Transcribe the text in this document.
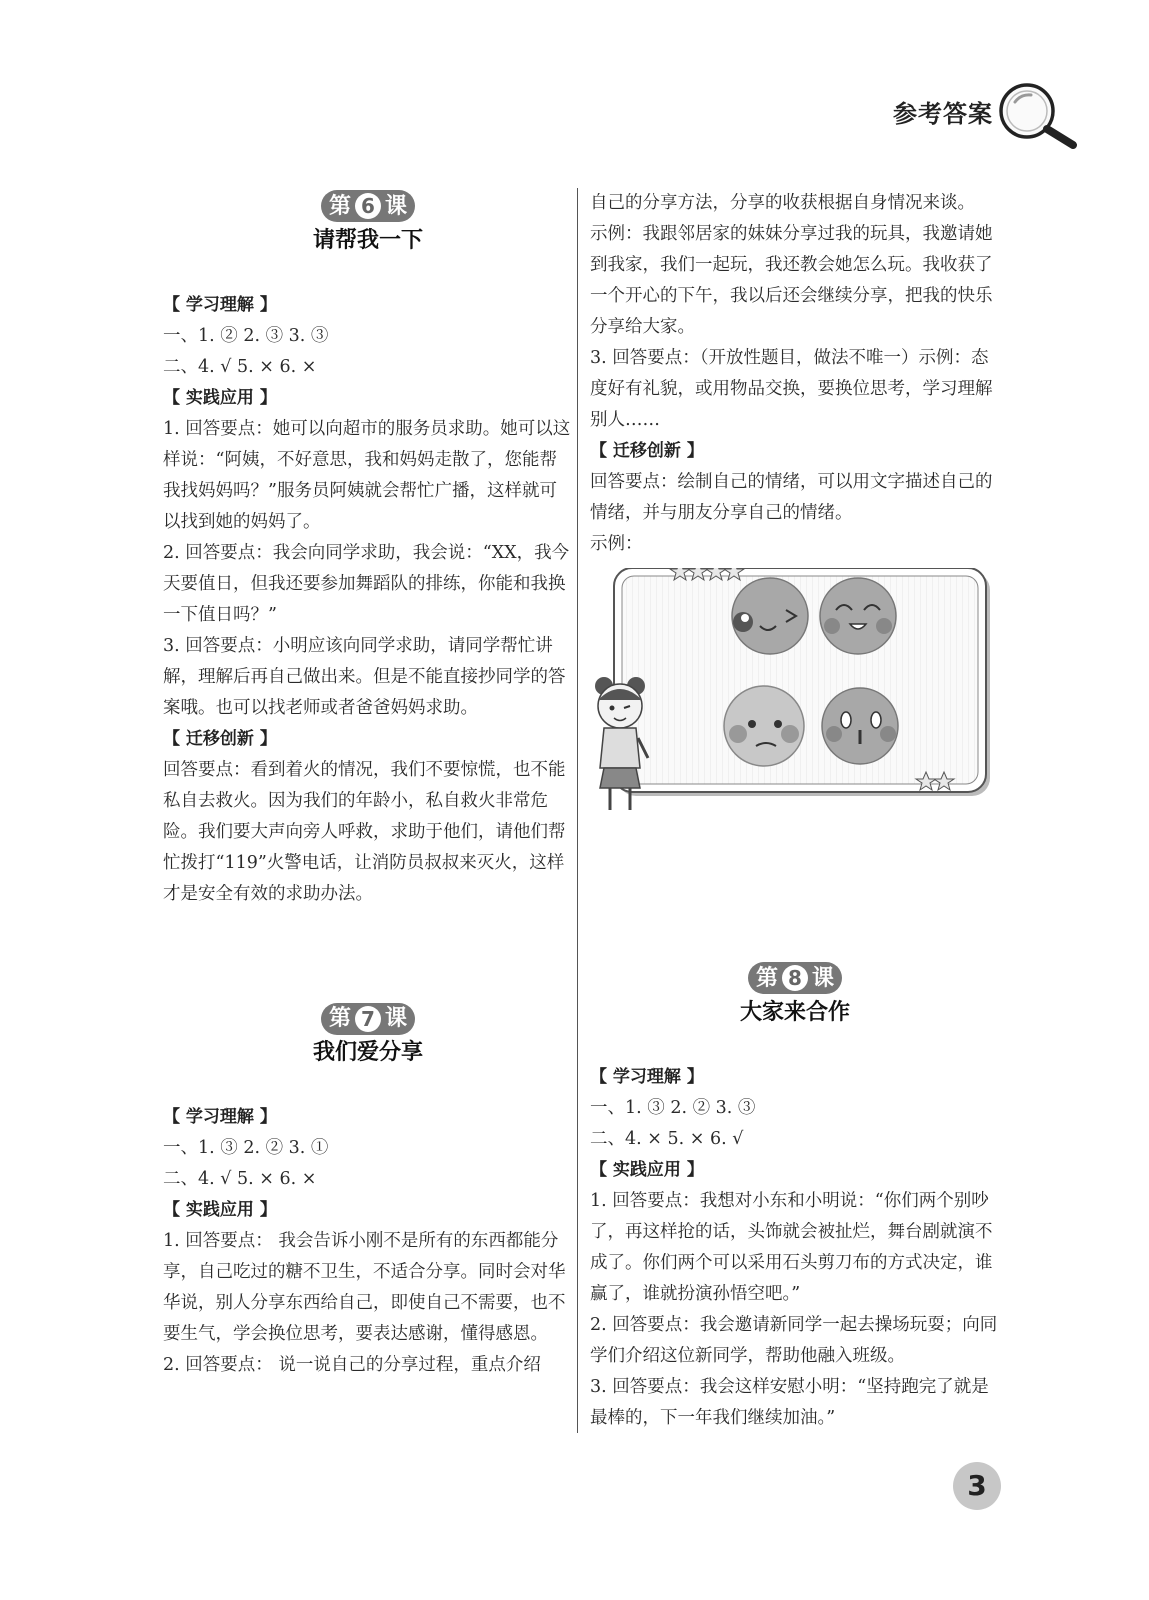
参考答案
第 6 课
请帮我一下
【 学习理解 】

一、1. ② 2. ③ 3. ③

二、4. √ 5. × 6. ×

【 实践应用 】

1. 回答要点：她可以向超市的服务员求助。她可以这样说：“阿姨，不好意思，我和妈妈走散了，您能帮我找妈妈吗？”服务员阿姨就会帮忙广播，这样就可以找到她的妈妈了。

2. 回答要点：我会向同学求助，我会说：“XX，我今天要值日，但我还要参加舞蹈队的排练，你能和我换一下值日吗？”

3. 回答要点：小明应该向同学求助，请同学帮忙讲解，理解后再自己做出来。但是不能直接抄同学的答案哦。也可以找老师或者爸爸妈妈求助。

【 迁移创新 】

回答要点：看到着火的情况，我们不要惊慌，也不能私自去救火。因为我们的年龄小，私自救火非常危险。我们要大声向旁人呼救，求助于他们，请他们帮忙拨打“119”火警电话，让消防员叔叔来灭火，这样才是安全有效的求助办法。

第 7 课
我们爱分享
【 学习理解 】

一、1. ③ 2. ② 3. ①

二、4. √ 5. × 6. ×

【 实践应用 】

1. 回答要点： 我会告诉小刚不是所有的东西都能分享，自己吃过的糖不卫生，不适合分享。同时会对华华说，别人分享东西给自己，即使自己不需要，也不要生气，学会换位思考，要表达感谢，懂得感恩。

2. 回答要点： 说一说自己的分享过程，重点介绍

自己的分享方法，分享的收获根据自身情况来谈。

示例：我跟邻居家的妹妹分享过我的玩具，我邀请她到我家，我们一起玩，我还教会她怎么玩。我收获了一个开心的下午，我以后还会继续分享，把我的快乐分享给大家。

3. 回答要点：（开放性题目，做法不唯一）示例：态度好有礼貌，或用物品交换，要换位思考，学习理解别人……

【 迁移创新 】

回答要点：绘制自己的情绪，可以用文字描述自己的情绪，并与朋友分享自己的情绪。

示例：

第 8 课
大家来合作
【 学习理解 】

一、1. ③ 2. ② 3. ③

二、4. × 5. × 6. √

【 实践应用 】

1. 回答要点：我想对小东和小明说：“你们两个别吵了，再这样抢的话，头饰就会被扯烂，舞台剧就演不成了。你们两个可以采用石头剪刀布的方式决定，谁赢了，谁就扮演孙悟空吧。”

2. 回答要点：我会邀请新同学一起去操场玩耍；向同学们介绍这位新同学，帮助他融入班级。

3. 回答要点：我会这样安慰小明：“坚持跑完了就是最棒的，下一年我们继续加油。”

3
